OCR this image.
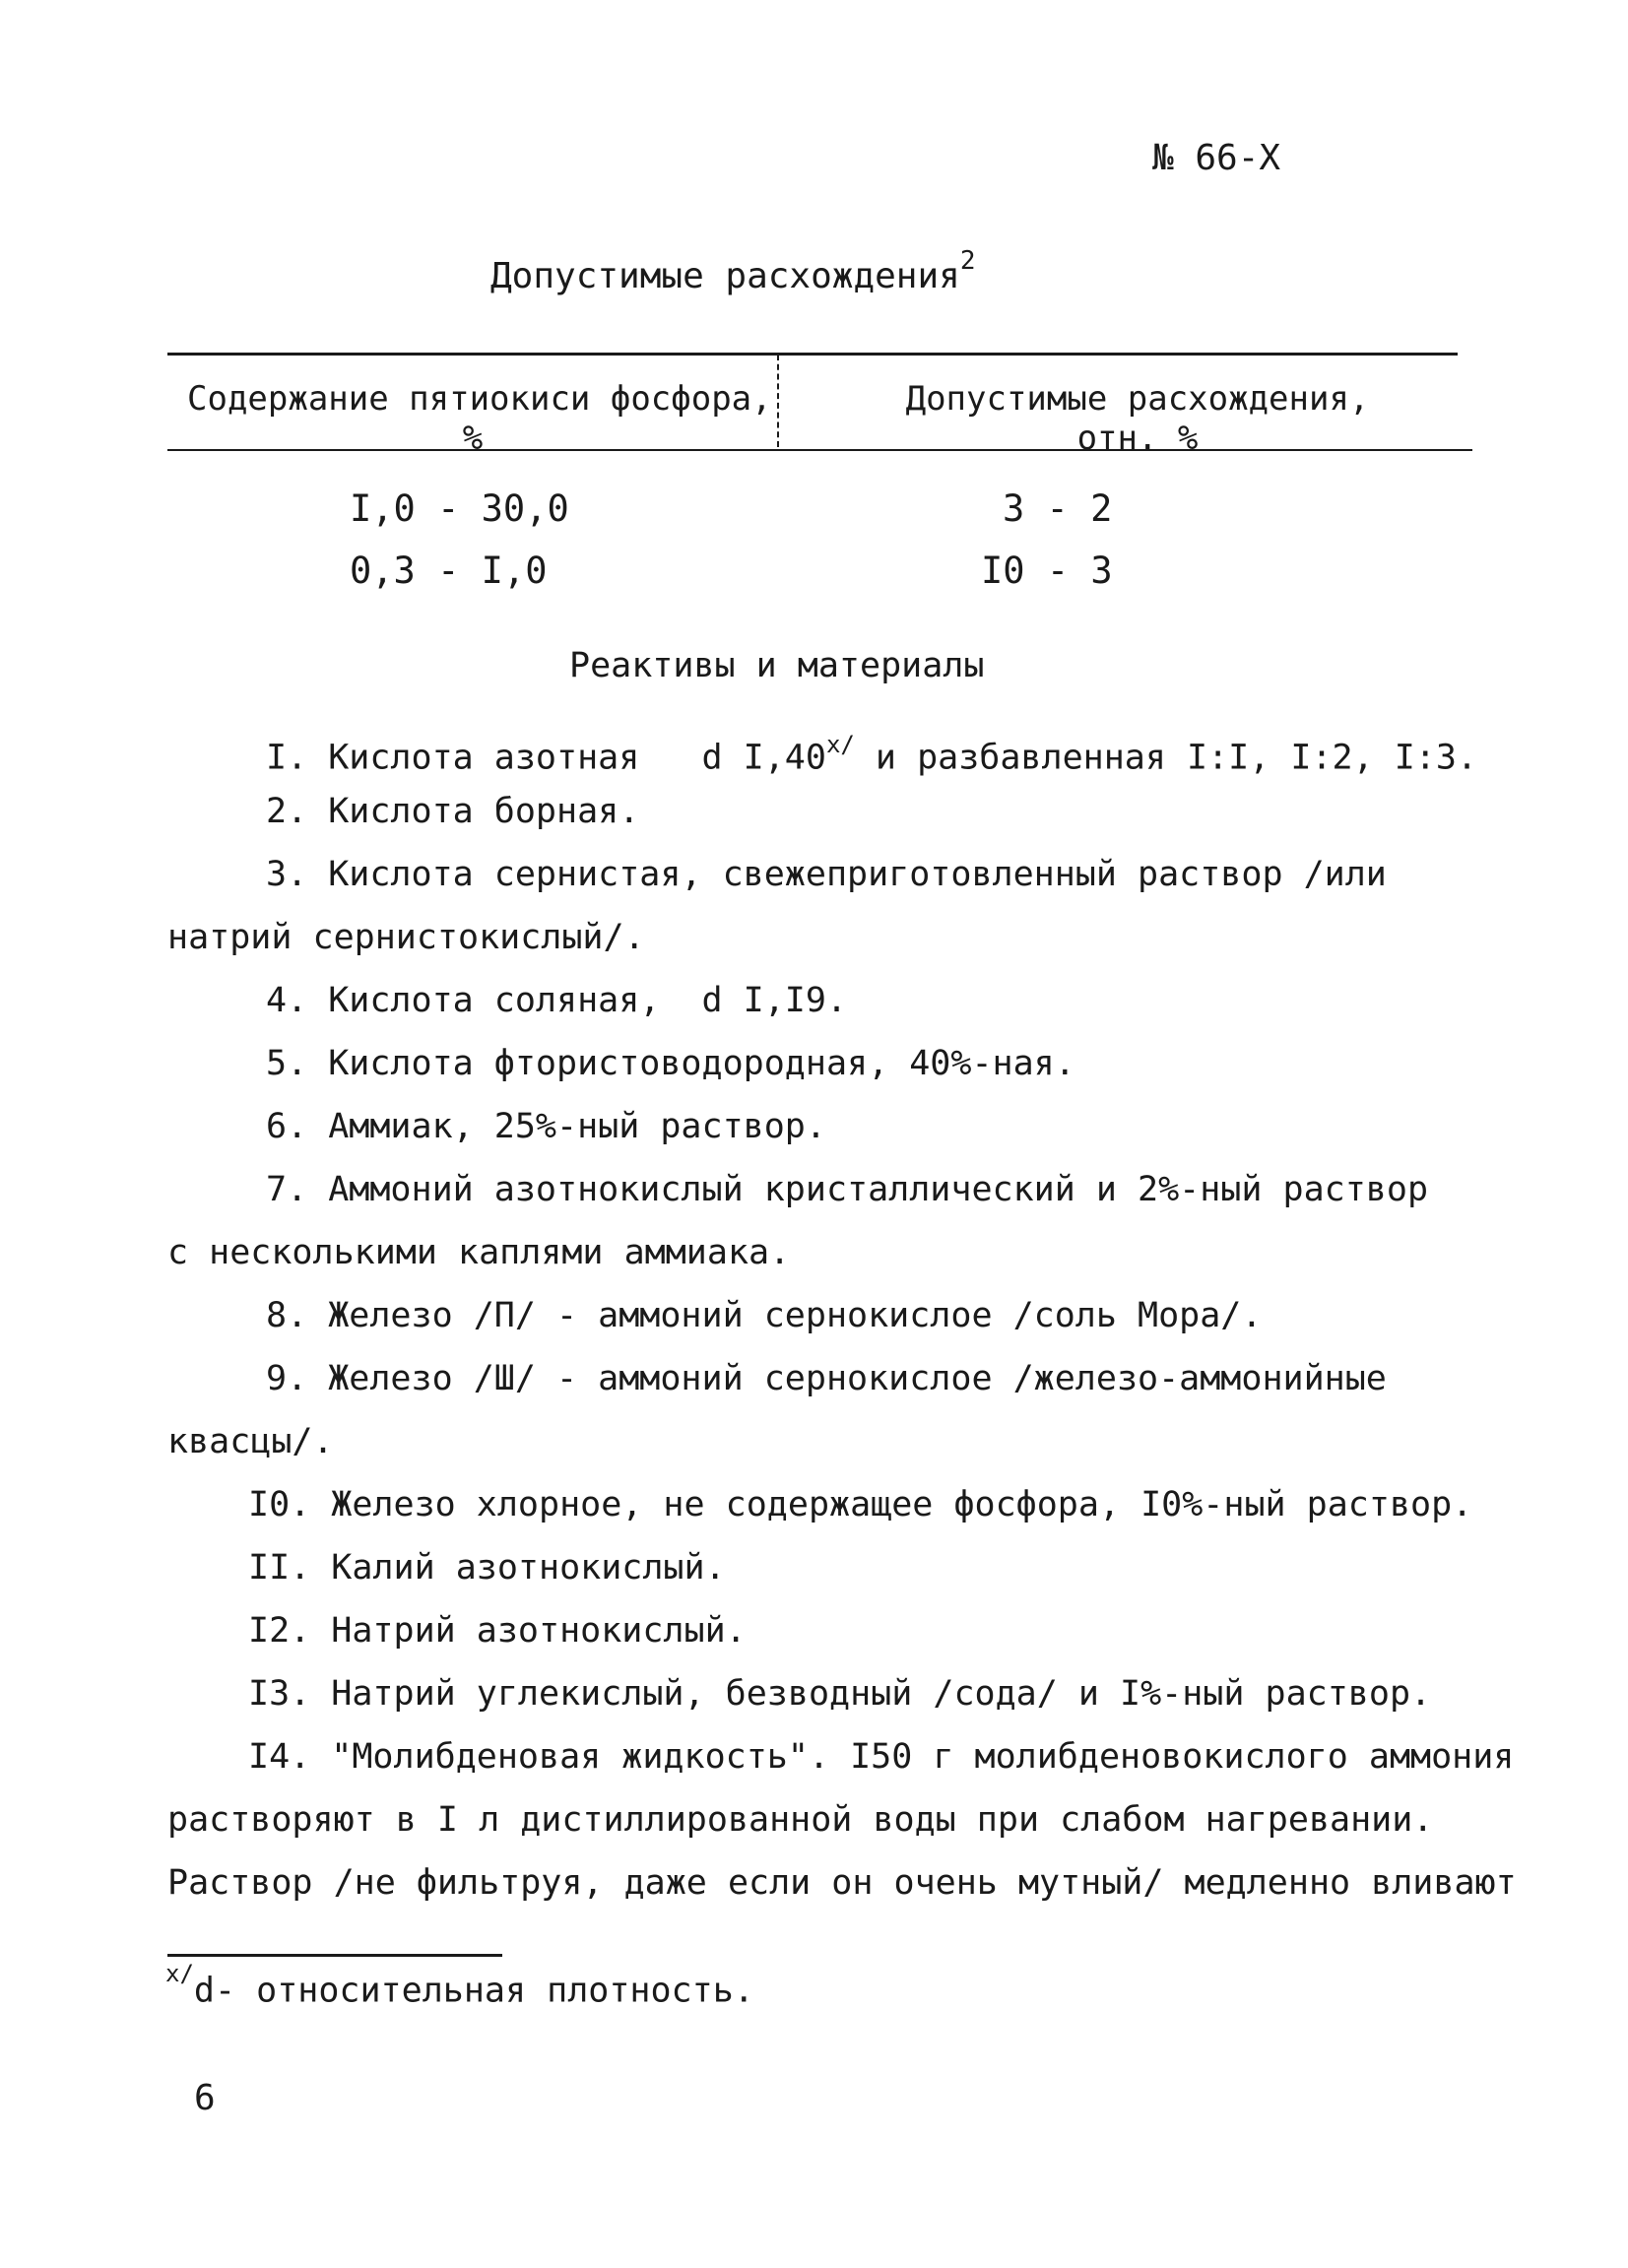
№ 66-Х
Допустимые расхождения$^2$
Содержание пятиокиси фосфора,
%
Допустимые расхождения,
отн. %
I,0 - 30,0	3 - 2
0,3 - I,0	I0 - 3
Реактивы и материалы
I. Кислота азотная   d $I,40^{x/}$ и разбавленная I:I, I:2, I:3.
2. Кислота борная.
3. Кислота сернистая, свежеприготовленный раствор /или
натрий сернистокислый/.
4. Кислота соляная,  d I,I9.
5. Кислота фтористоводородная, 40%-ная.
6. Аммиак, 25%-ный раствор.
7. Аммоний азотнокислый кристаллический и 2%-ный раствор
с несколькими каплями аммиака.
8. Железо /П/ - аммоний сернокислое /соль Мора/.
9. Железо /Ш/ - аммоний сернокислое /железо-аммонийные
квасцы/.
I0. Железо хлорное, не содержащее фосфора, I0%-ный раствор.
II. Калий азотнокислый.
I2. Натрий азотнокислый.
I3. Натрий углекислый, безводный /сода/ и I%-ный раствор.
I4. "Молибденовая жидкость". I50 г молибденовокислого аммония
растворяют в I л дистиллированной воды при слабом нагревании.
Раствор /не фильтруя, даже если он очень мутный/ медленно вливают
$^{x/}$d- относительная плотность.
6
